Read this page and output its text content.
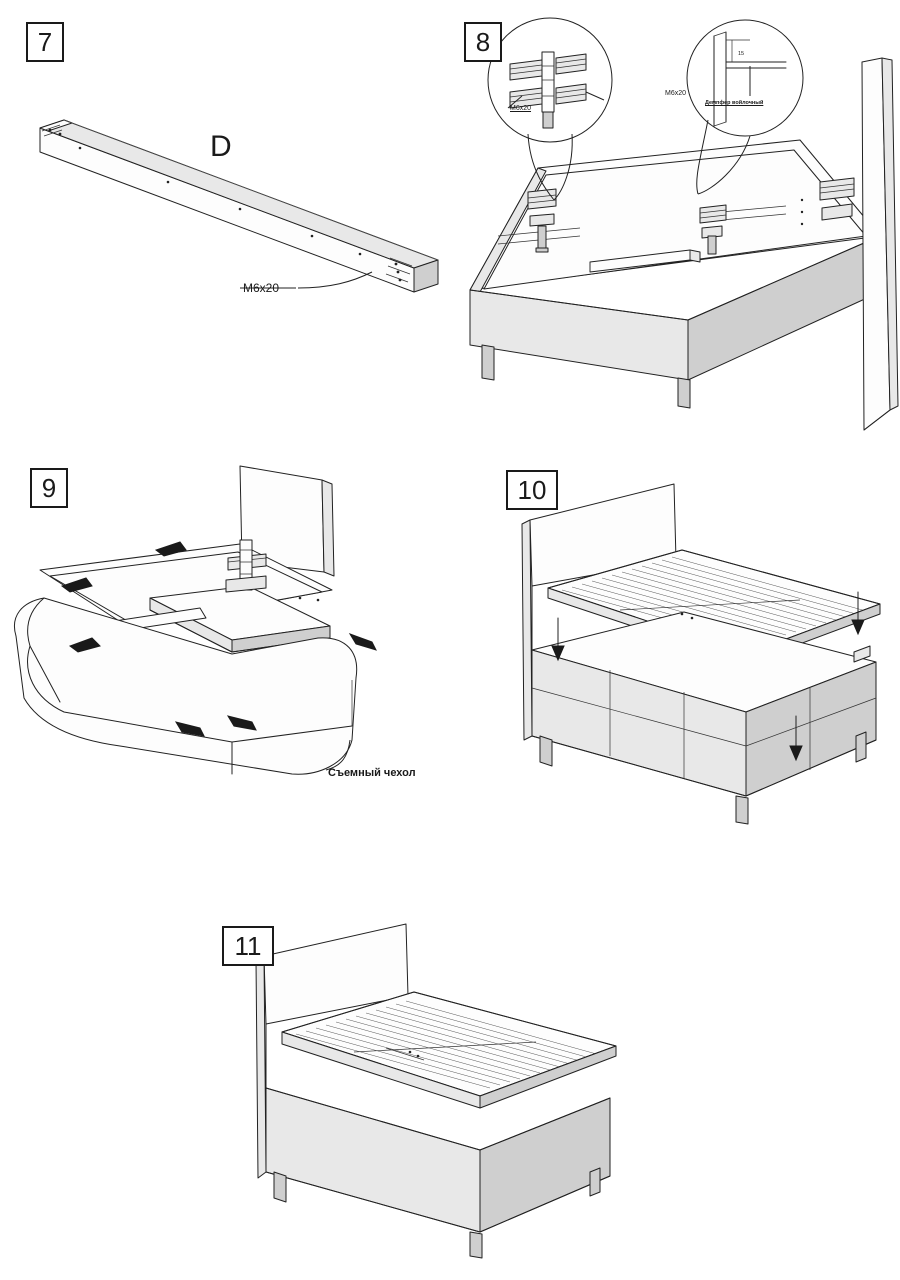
7
D
M6x20
8
M6x20
M6x20
15
Демпфер войлочный
9
Съемный чехол
10
11
